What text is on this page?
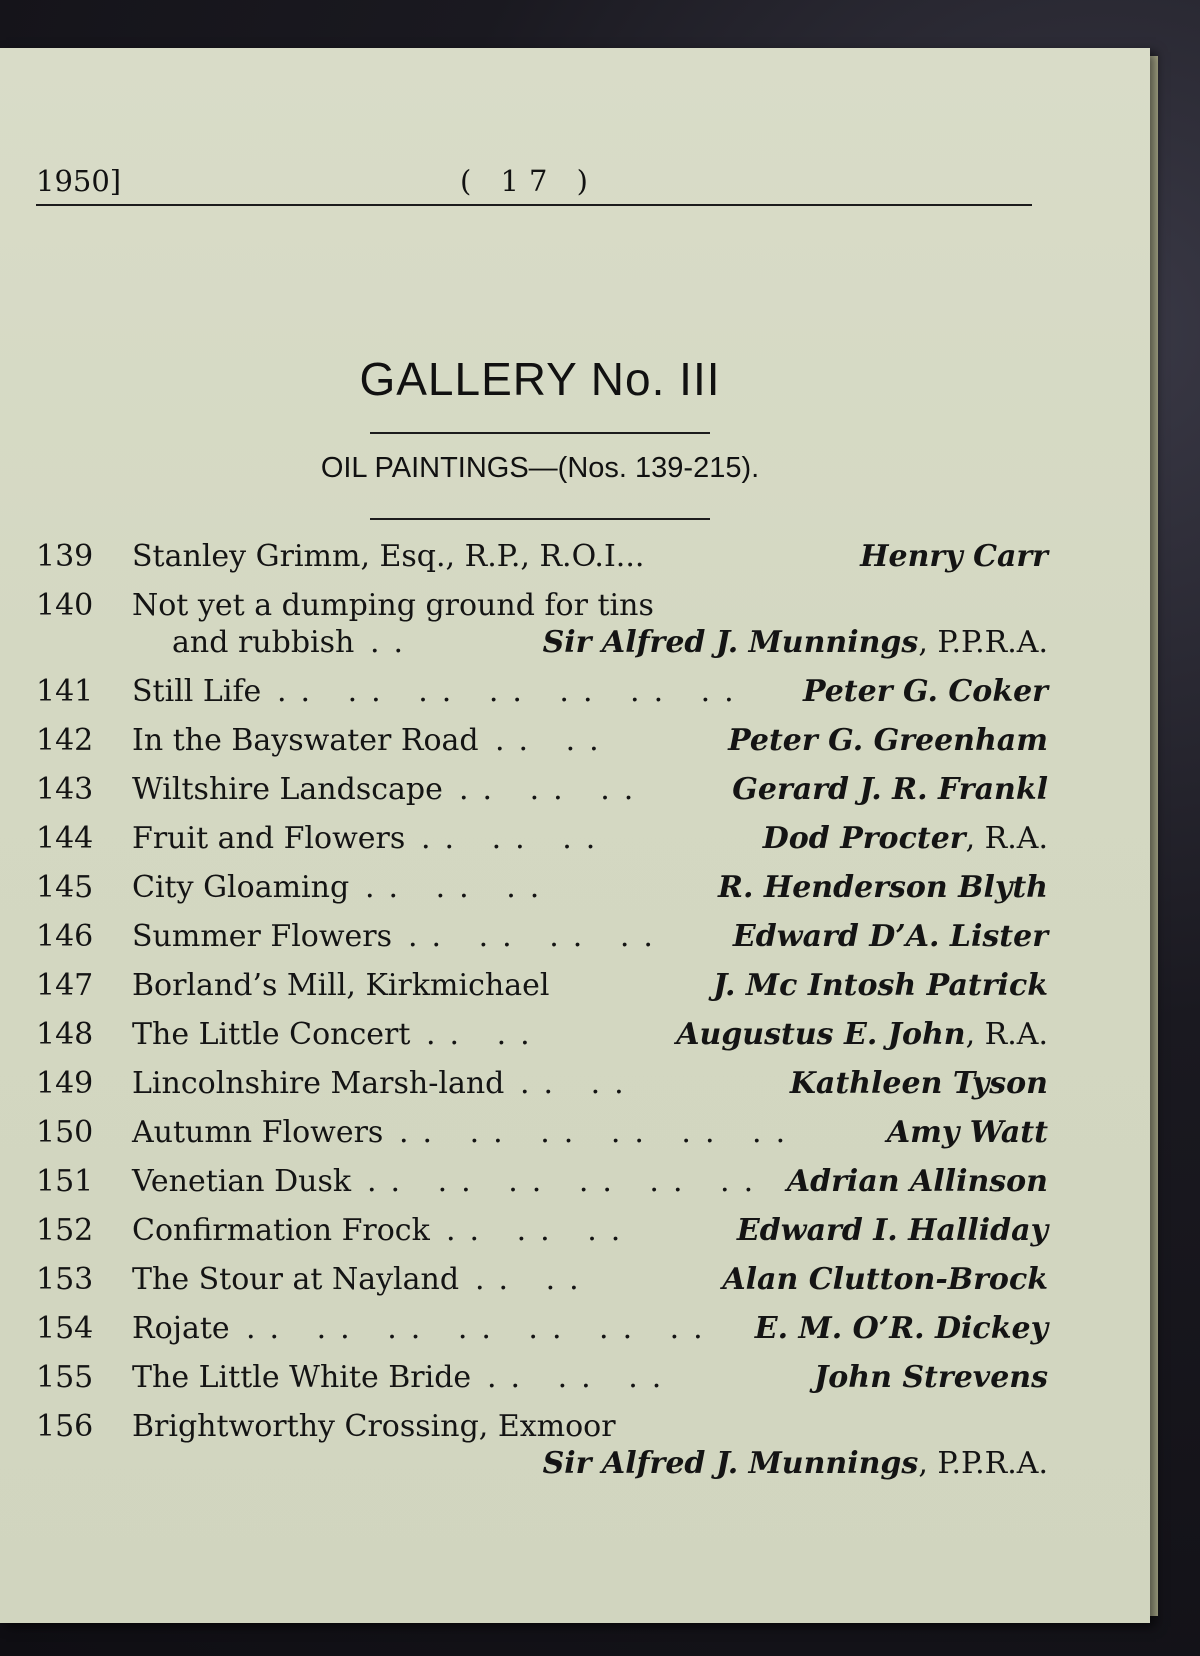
1950]	( 17 )
GALLERY No. III
OIL PAINTINGS—(Nos. 139-215).
139	Stanley Grimm, Esq., R.P., R.O.I...	Henry Carr
140	Not yet a dumping ground for tins
and rubbish ..	Sir Alfred J. Munnings, P.P.R.A.
141	Still Life .. .. .. .. .. .. .. Peter G. Coker
142	In the Bayswater Road .. ..	Peter G. Greenham
143	Wiltshire Landscape .. .. ..	Gerard J. R. Frankl
144	Fruit and Flowers .. .. ..	Dod Procter, R.A.
145	City Gloaming .. .. ..	R. Henderson Blyth
146	Summer Flowers .. .. .. .. Edward D’A. Lister
147	Borland’s Mill, Kirkmichael	J. Mc Intosh Patrick
148	The Little Concert .. ..	Augustus E. John, R.A.
149	Lincolnshire Marsh-land .. ..	Kathleen Tyson
150	Autumn Flowers .. .. .. .. .. ..	Amy Watt
151	Venetian Dusk .. .. .. .. .. .. Adrian Allinson
152	Confirmation Frock .. .. ..	Edward I. Halliday
153	The Stour at Nayland .. ..	Alan Clutton-Brock
154	Rojate .. .. .. .. .. .. .. E. M. O’R. Dickey
155	The Little White Bride .. .. ..	John Strevens
156	Brightworthy Crossing, Exmoor
Sir Alfred J. Munnings, P.P.R.A.
